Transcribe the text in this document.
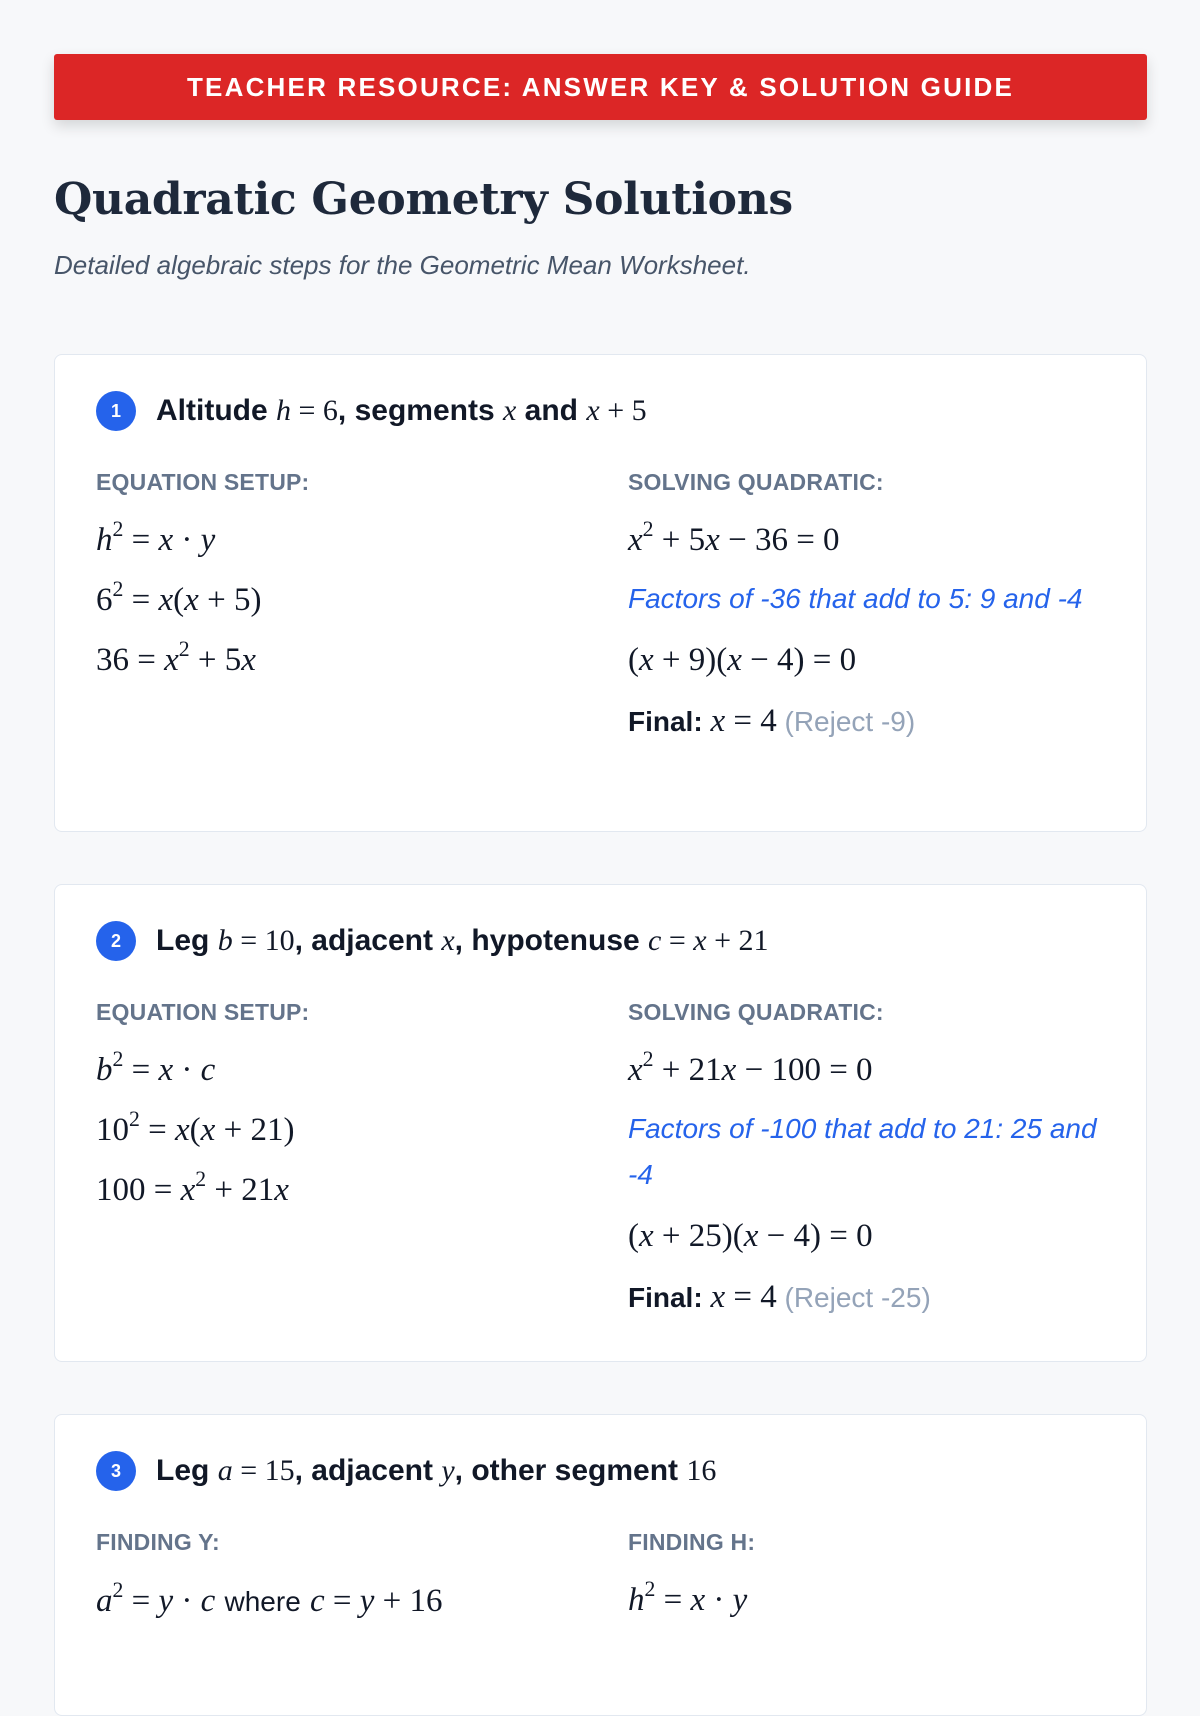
TEACHER RESOURCE: ANSWER KEY & SOLUTION GUIDE
Quadratic Geometry Solutions

Detailed algebraic steps for the Geometric Mean Worksheet.

1	Altitude h = 6, segments x and x + 5
EQUATION SETUP:
$h^2 = x \cdot y$
$6^2 = x(x + 5)$
$36 = x^2 + 5x$
SOLVING QUADRATIC:
$x^2 + 5x - 36 = 0$
Factors of -36 that add to 5: 9 and -4
(x + 9)(x − 4) = 0
Final: x = 4 (Reject -9)
2	Leg b = 10, adjacent x, hypotenuse c = x + 21
EQUATION SETUP:
$b^2 = x \cdot c$
$10^2 = x(x + 21)$
$100 = x^2 + 21x$
SOLVING QUADRATIC:
$x^2 + 21x - 100 = 0$
Factors of -100 that add to 21: 25 and -4
(x + 25)(x − 4) = 0
Final: x = 4 (Reject -25)
3	Leg a = 15, adjacent y, other segment 16
FINDING Y:
$a^2 = y \cdot c$ where c = y + 16
FINDING H:
$h^2 = x \cdot y$
